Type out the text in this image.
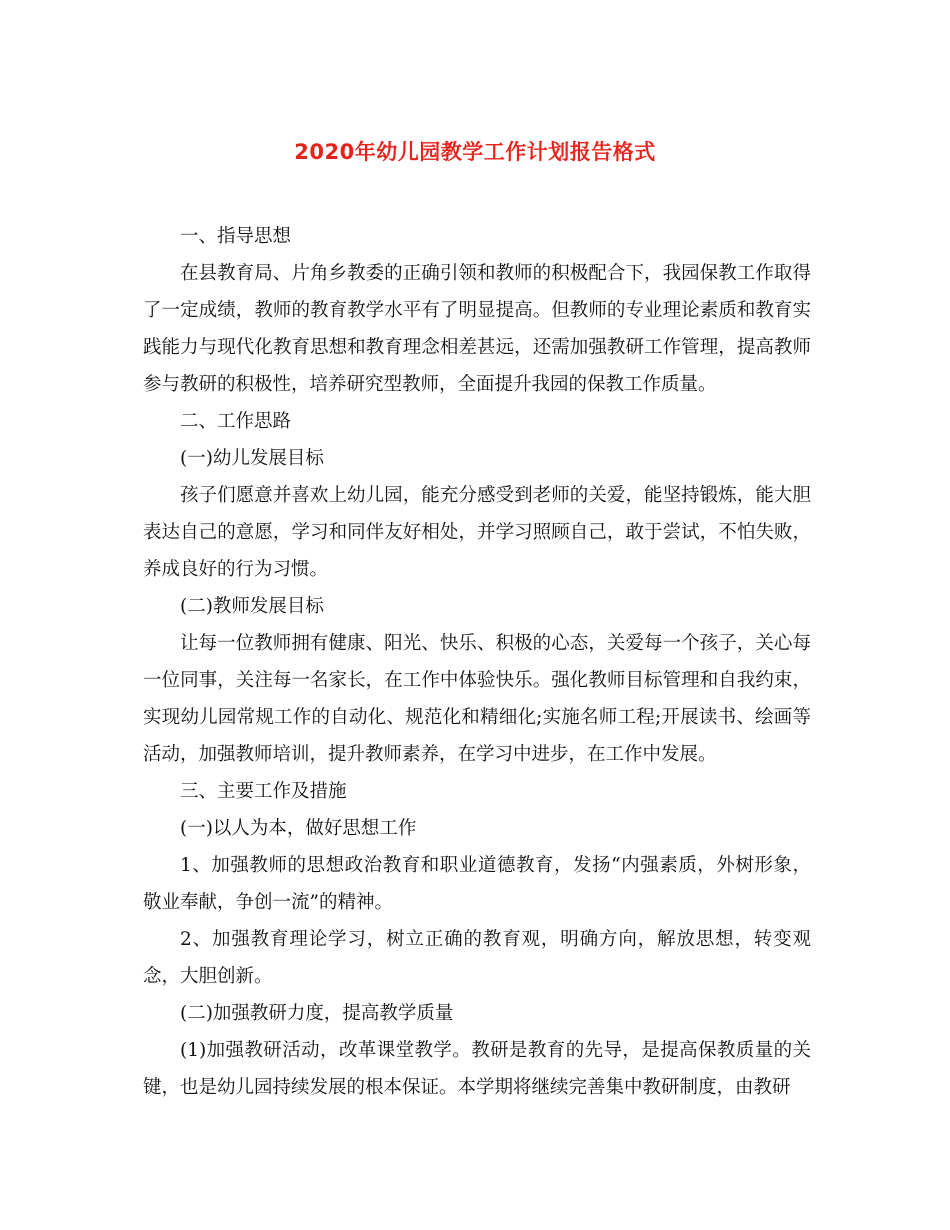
2020年幼儿园教学工作计划报告格式

一、指导思想

在县教育局、片角乡教委的正确引领和教师的积极配合下，我园保教工作取得了一定成绩，教师的教育教学水平有了明显提高。但教师的专业理论素质和教育实践能力与现代化教育思想和教育理念相差甚远，还需加强教研工作管理，提高教师参与教研的积极性，培养研究型教师，全面提升我园的保教工作质量。

二、工作思路

(一)幼儿发展目标

孩子们愿意并喜欢上幼儿园，能充分感受到老师的关爱，能坚持锻炼，能大胆表达自己的意愿，学习和同伴友好相处，并学习照顾自己，敢于尝试，不怕失败，养成良好的行为习惯。

(二)教师发展目标

让每一位教师拥有健康、阳光、快乐、积极的心态，关爱每一个孩子，关心每一位同事，关注每一名家长，在工作中体验快乐。强化教师目标管理和自我约束，实现幼儿园常规工作的自动化、规范化和精细化;实施名师工程;开展读书、绘画等活动，加强教师培训，提升教师素养，在学习中进步，在工作中发展。

三、主要工作及措施

(一)以人为本，做好思想工作

1、加强教师的思想政治教育和职业道德教育，发扬“内强素质，外树形象，敬业奉献，争创一流”的精神。

2、加强教育理论学习，树立正确的教育观，明确方向，解放思想，转变观念，大胆创新。

(二)加强教研力度，提高教学质量

(1)加强教研活动，改革课堂教学。教研是教育的先导，是提高保教质量的关键，也是幼儿园持续发展的根本保证。本学期将继续完善集中教研制度，由教研
